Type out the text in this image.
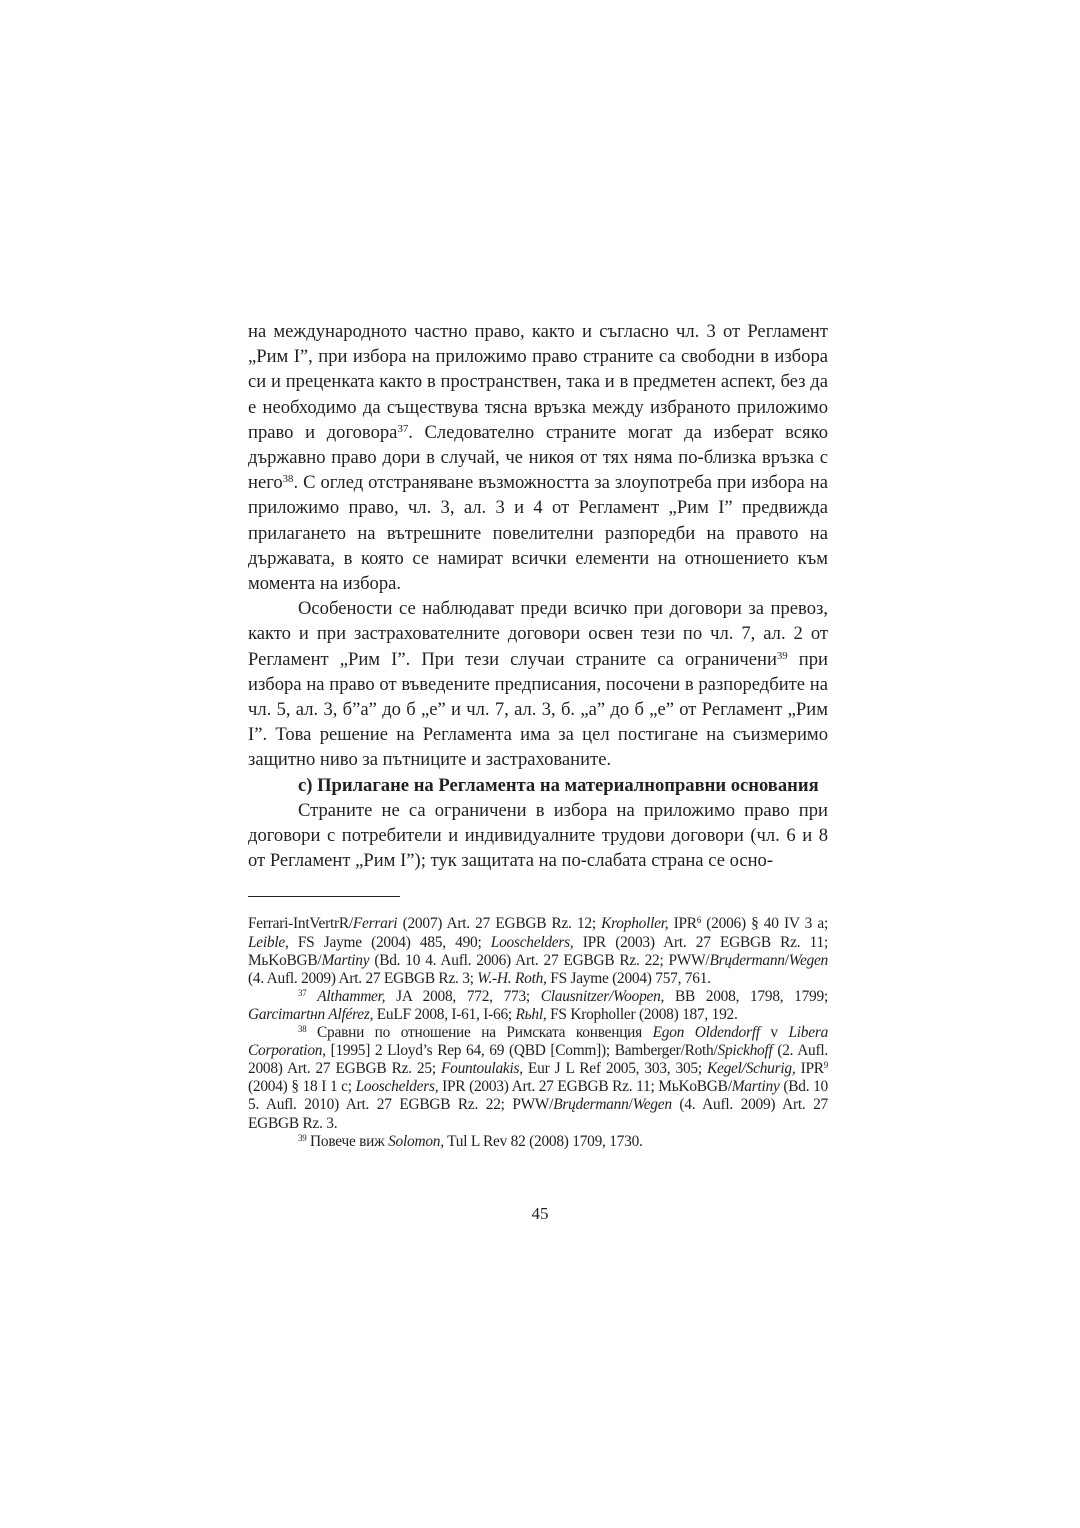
на международното частно право, както и съгласно чл. 3 от Регламент „Рим I”, при избора на приложимо право страните са свободни в избора си и преценката както в пространствен, така и в предметен аспект, без да е необходимо да съществува тясна връзка между избраното приложимо право и договора$^{37}$. Следователно страните могат да изберат всяко държавно право дори в случай, че никоя от тях няма по-близка връзка с него$^{38}$. С оглед отстраняване възможността за злоупотреба при избора на приложимо право, чл. 3, ал. 3 и 4 от Регламент „Рим I” предвижда прилагането на вътрешните повелителни разпоредби на правото на държавата, в която се намират всички елементи на отношението към момента на избора.

Особености се наблюдават преди всичко при договори за превоз, както и при застрахователните договори освен тези по чл. 7, ал. 2 от Регламент „Рим I”. При тези случаи страните са ограничени$^{39}$ при избора на право от въведените предписания, посочени в разпоредбите на чл. 5, ал. 3, б”а” до б „е” и чл. 7, ал. 3, б. „а” до б „е” от Регламент „Рим I”. Това решение на Регламента има за цел постигане на съизмеримо защитно ниво за пътниците и застрахованите.

c) Прилагане на Регламента на материалноправни основания

Страните не са ограничени в избора на приложимо право при договори с потребители и индивидуалните трудови договори (чл. 6 и 8 от Регламент „Рим I”); тук защитата на по-слабата страна се осно-

Ferrari-IntVertrR/Ferrari (2007) Art. 27 EGBGB Rz. 12; Kropholler, IPR$^6$ (2006) § 40 IV 3 a; Leible, FS Jayme (2004) 485, 490; Looschelders, IPR (2003) Art. 27 EGBGB Rz. 11; MьKoBGB/Martiny (Bd. 10 4. Aufl. 2006) Art. 27 EGBGB Rz. 22; PWW/Brųdermann/Wegen (4. Aufl. 2009) Art. 27 EGBGB Rz. 3; W.-H. Roth, FS Jayme (2004) 757, 761.

$^{37}$ Althammer, JA 2008, 772, 773; Clausnitzer/Woopen, BB 2008, 1798, 1799; Garcimartнn Alférez, EuLF 2008, I-61, I-66; Rьhl, FS Kropholler (2008) 187, 192.

$^{38}$ Сравни по отношение на Римската конвенция Egon Oldendorff v Libera Corporation, [1995] 2 Lloyd’s Rep 64, 69 (QBD [Comm]); Bamberger/Roth/Spickhoff (2. Aufl. 2008) Art. 27 EGBGB Rz. 25; Fountoulakis, Eur J L Ref 2005, 303, 305; Kegel/Schurig, IPR$^9$ (2004) § 18 I 1 c; Looschelders, IPR (2003) Art. 27 EGBGB Rz. 11; MьKoBGB/Martiny (Bd. 10 5. Aufl. 2010) Art. 27 EGBGB Rz. 22; PWW/Brųdermann/Wegen (4. Aufl. 2009) Art. 27 EGBGB Rz. 3.

$^{39}$ Повече виж Solomon, Tul L Rev 82 (2008) 1709, 1730.

45
